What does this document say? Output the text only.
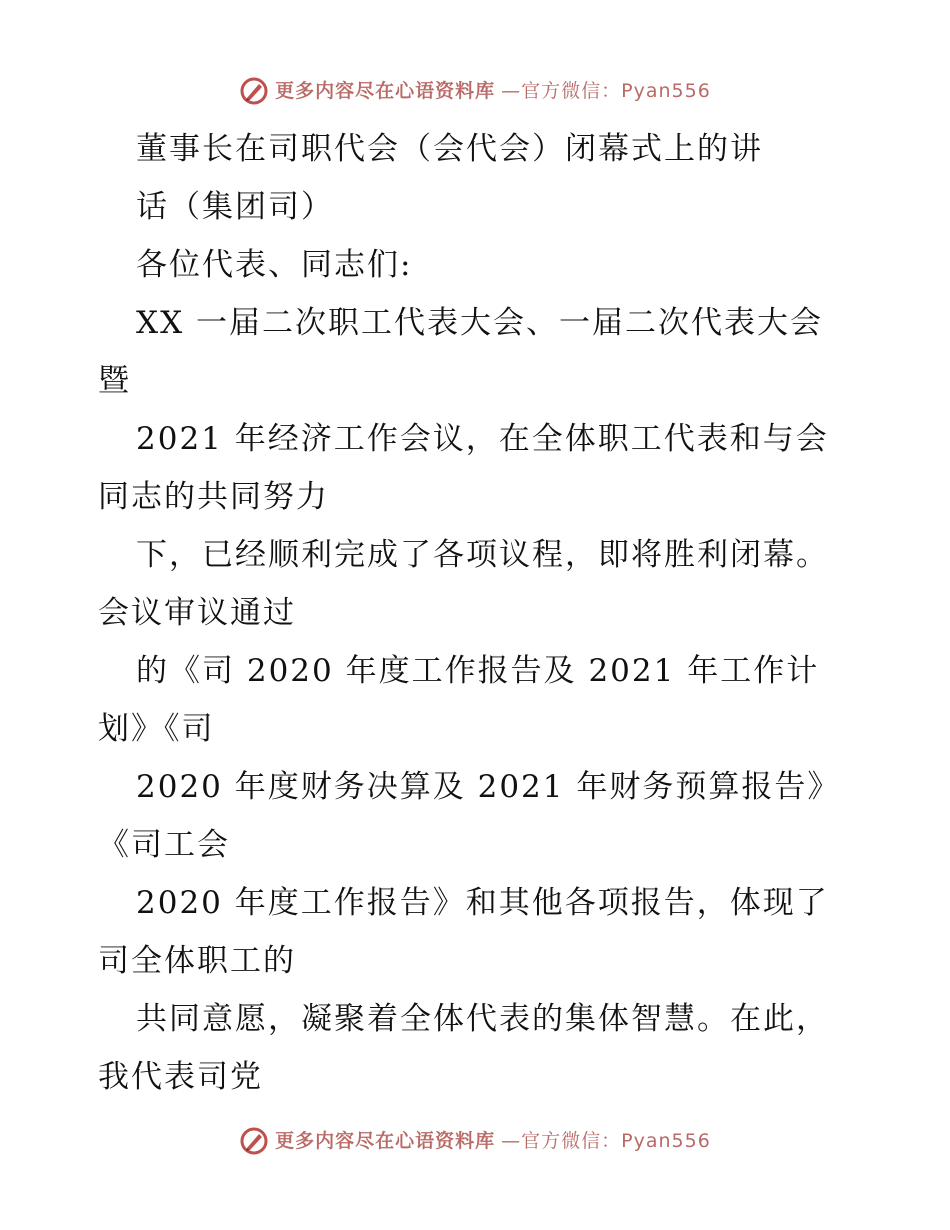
更多内容尽在心语资料库 —官方微信：Pyan556
董事长在司职代会（会代会）闭幕式上的讲
话（集团司）
各位代表、同志们:
XX 一届二次职工代表大会、一届二次代表大会
暨
2021 年经济工作会议，在全体职工代表和与会
同志的共同努力
下，已经顺利完成了各项议程，即将胜利闭幕。
会议审议通过
的《司 2020 年度工作报告及 2021 年工作计
划》《司
2020 年度财务决算及 2021 年财务预算报告》
《司工会
2020 年度工作报告》和其他各项报告，体现了
司全体职工的
共同意愿，凝聚着全体代表的集体智慧。在此，
我代表司党
更多内容尽在心语资料库 —官方微信：Pyan556
